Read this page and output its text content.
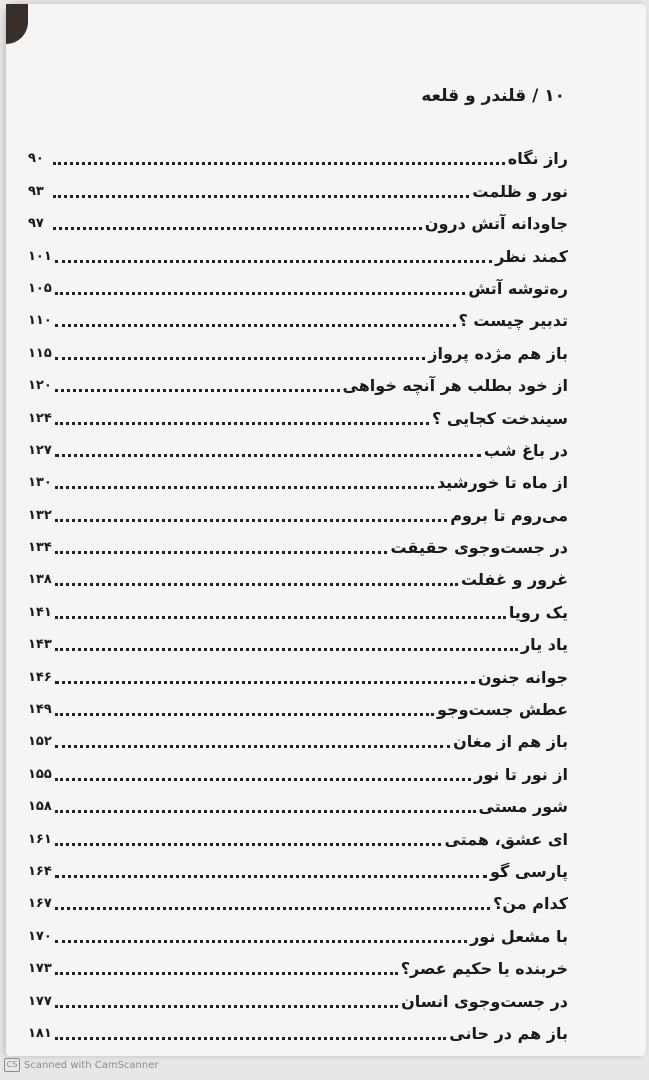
۱۰ / قلندر و قلعه
راز نگاه
۹۰
نور و ظلمت
۹۳
جاودانه آتش درون
۹۷
کمند نظر
۱۰۱
ره‌توشه آتش
۱۰۵
تدبیر چیست ؟
۱۱۰
باز هم مژده پرواز
۱۱۵
از خود بطلب هر آنچه خواهی
۱۲۰
سیندخت کجایی ؟
۱۲۴
در باغ شب
۱۲۷
از ماه تا خورشید
۱۳۰
می‌روم تا بروم
۱۳۲
در جست‌وجوی حقیقت
۱۳۴
غرور و غفلت
۱۳۸
یک رویا
۱۴۱
یاد یار
۱۴۳
جوانه جنون
۱۴۶
عطش جست‌وجو
۱۴۹
باز هم از مغان
۱۵۲
از نور تا نور
۱۵۵
شور مستی
۱۵۸
ای عشق، همتی
۱۶۱
پارسی گو
۱۶۴
کدام من؟
۱۶۷
با مشعل نور
۱۷۰
خربنده یا حکیم عصر؟
۱۷۳
در جست‌وجوی انسان
۱۷۷
باز هم در حانی
۱۸۱
CS Scanned with CamScanner
